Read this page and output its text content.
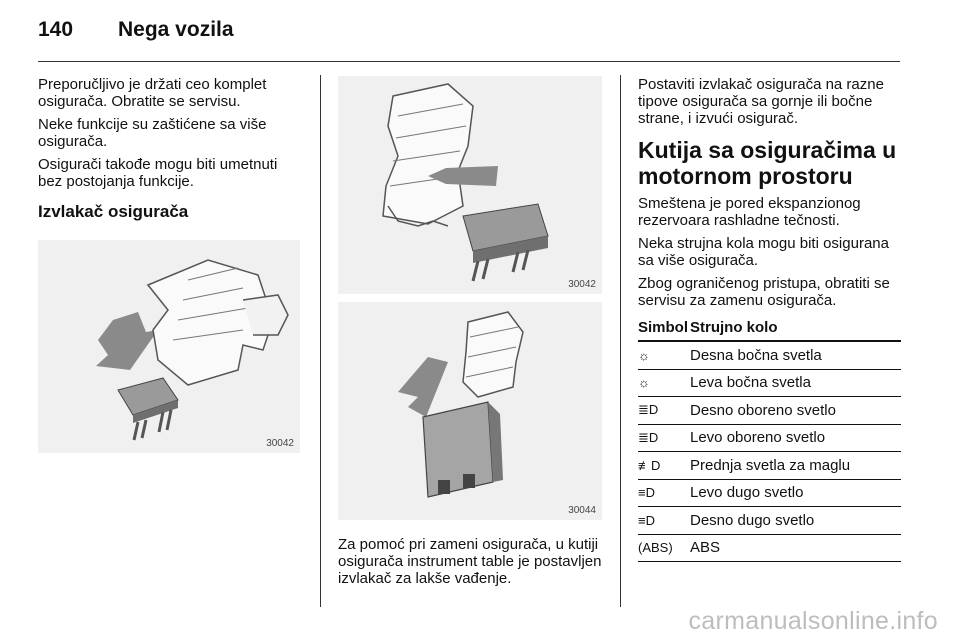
140	Nega vozila

Preporučljivo je držati ceo komplet osigurača. Obratite se servisu.

Neke funkcije su zaštićene sa više osigurača.

Osigurači takođe mogu biti umetnuti bez postojanja funkcije.

Izvlakač osigurača
30042
30042
30044

Za pomoć pri zameni osigurača, u kutiji osigurača instrument table je postavljen izvlakač za lakše vađenje.

Postaviti izvlakač osigurača na razne tipove osigurača sa gornje ili bočne strane, i izvući osigurač.

Kutija sa osiguračima u motornom prostoru

Smeštena je pored ekspanzionog rezervoara rashladne tečnosti.

Neka strujna kola mogu biti osigurana sa više osigurača.

Zbog ograničenog pristupa, obratiti se servisu za zamenu osigurača.

Simbol	Strujno kolo
☼	Desna bočna svetla
☼	Leva bočna svetla
≣D	Desno oboreno svetlo
≣D	Levo oboreno svetlo
≢D	Prednja svetla za maglu
≡D	Levo dugo svetlo
≡D	Desno dugo svetlo
(ABS)	ABS
carmanualsonline.info
